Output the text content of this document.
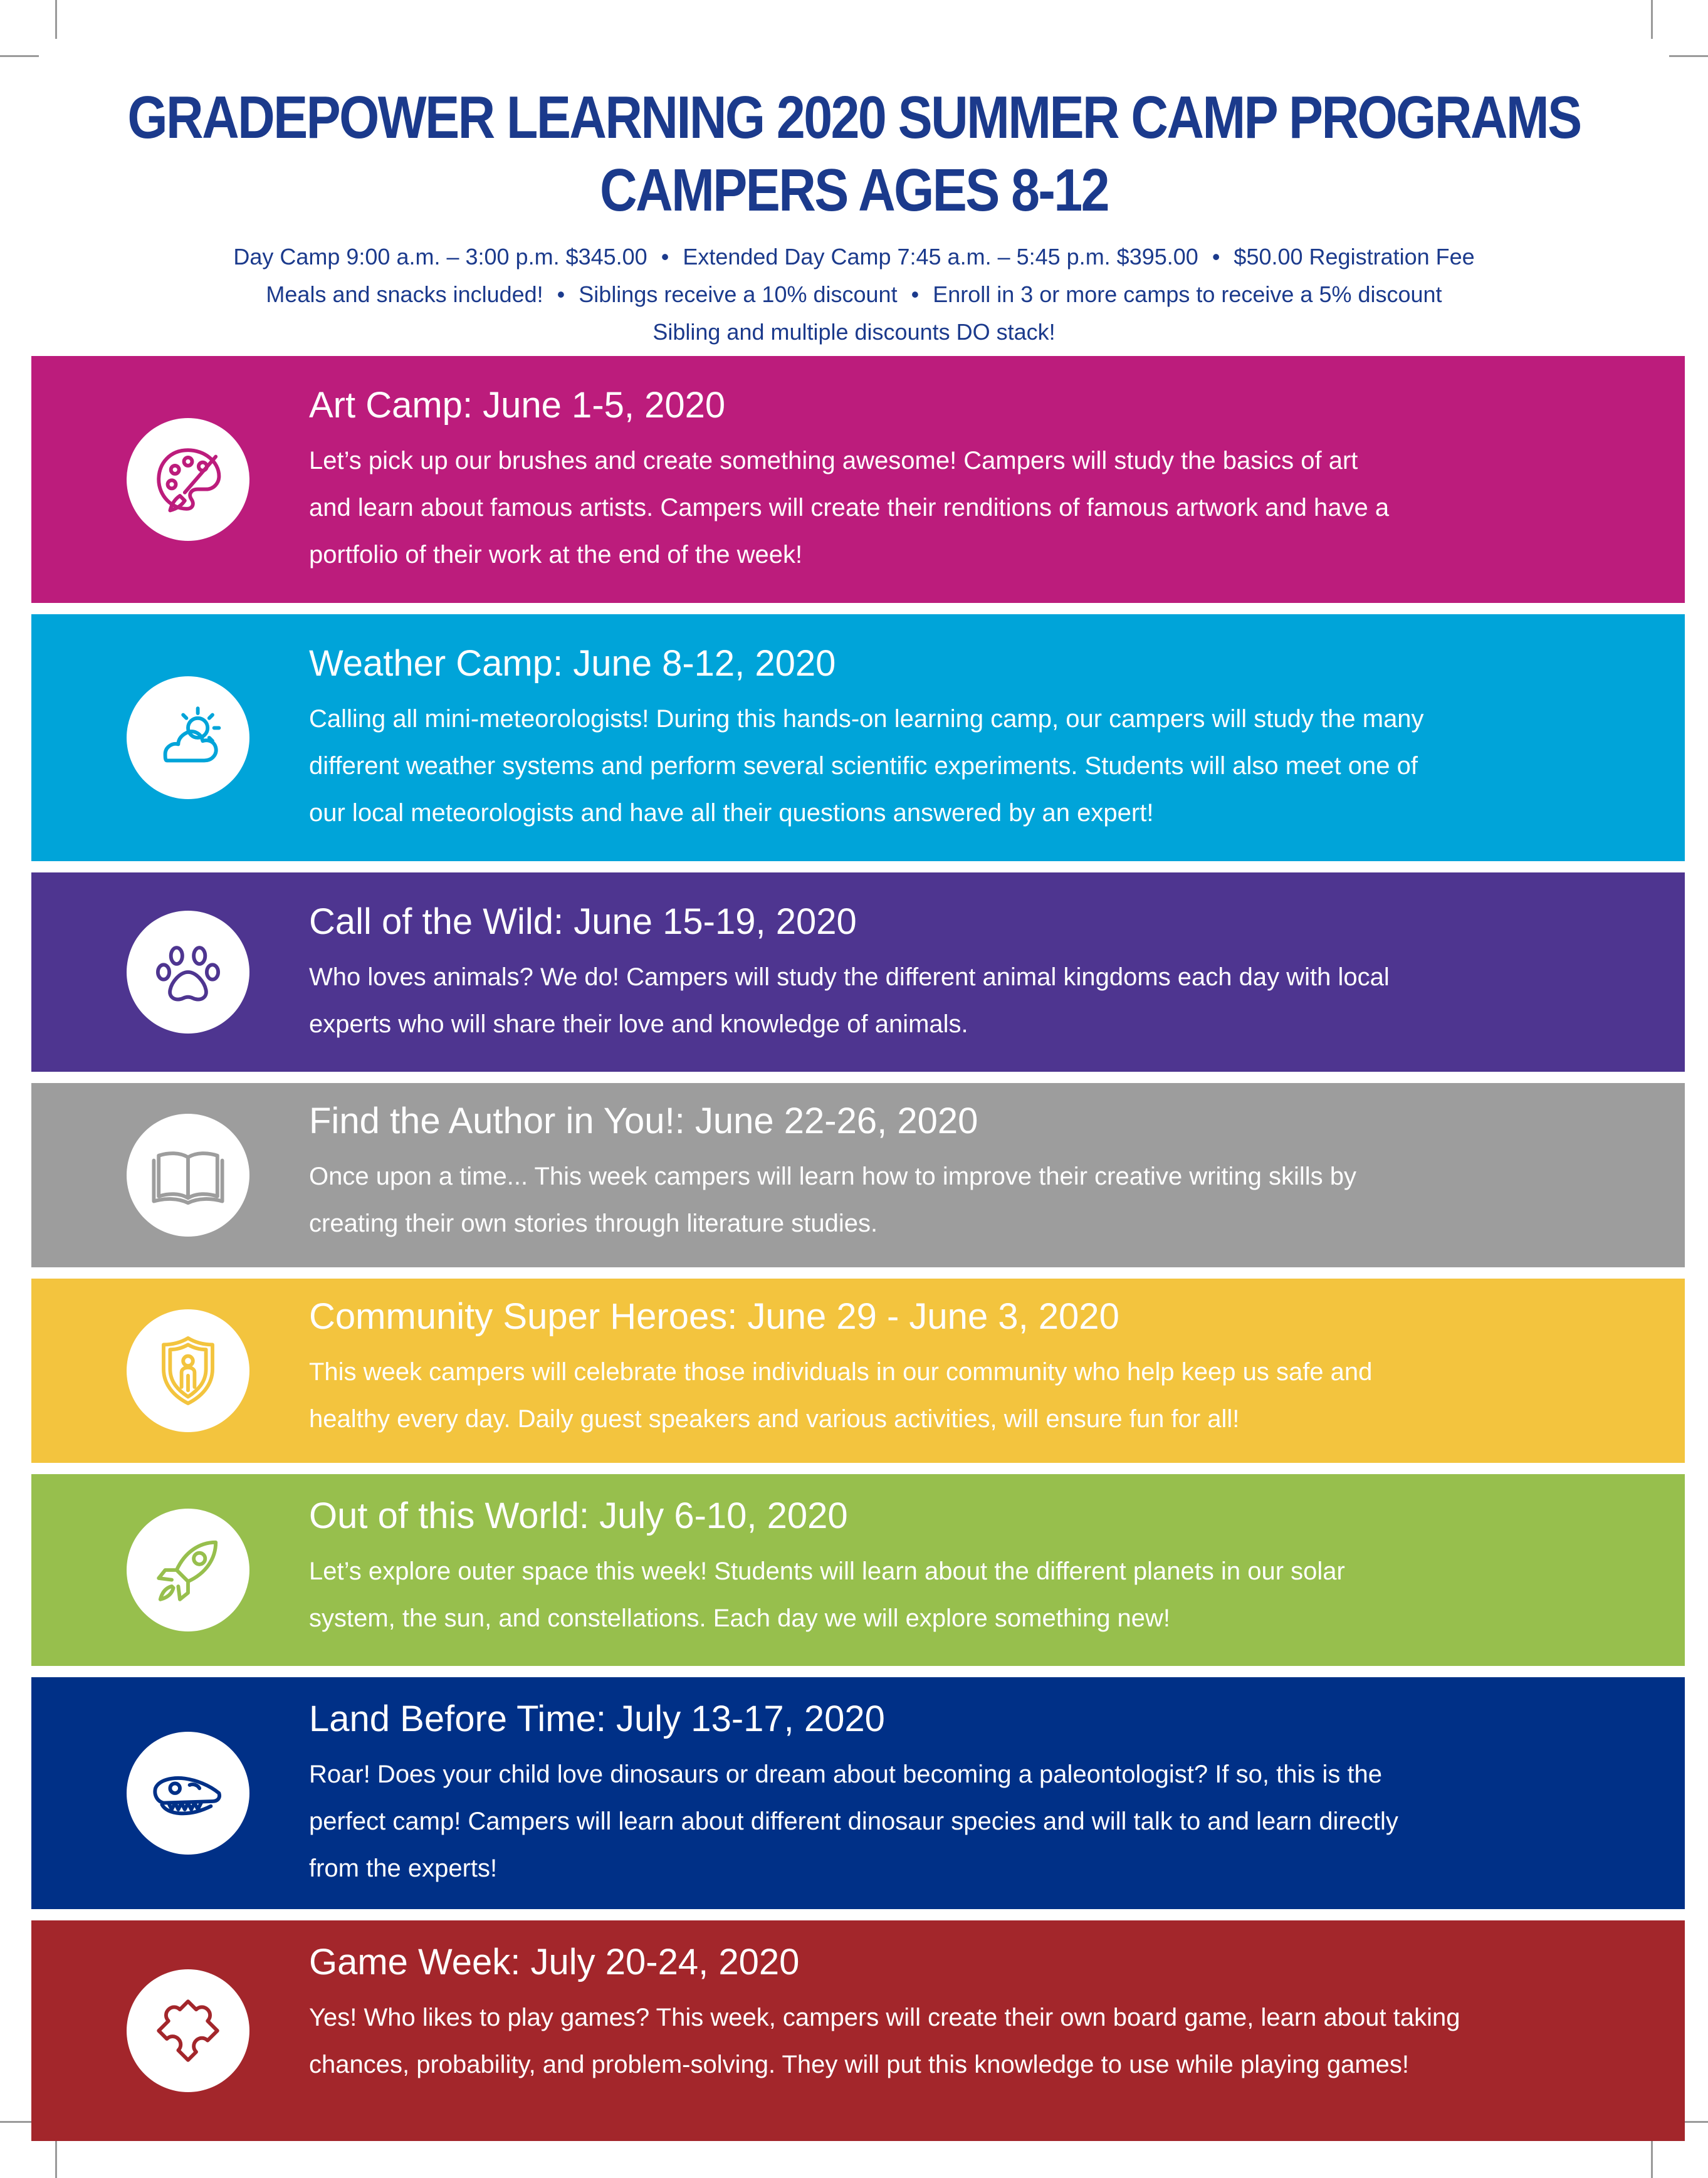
GRADEPOWER LEARNING 2020 SUMMER CAMP PROGRAMS

CAMPERS AGES 8-12

Day Camp 9:00 a.m. – 3:00 p.m. $345.00 • Extended Day Camp 7:45 a.m. – 5:45 p.m. $395.00 • $50.00 Registration Fee

Meals and snacks included! • Siblings receive a 10% discount • Enroll in 3 or more camps to receive a 5% discount

Sibling and multiple discounts DO stack!

Art Camp: June 1-5, 2020

Let’s pick up our brushes and create something awesome! Campers will study the basics of art

and learn about famous artists. Campers will create their renditions of famous artwork and have a

portfolio of their work at the end of the week!

Weather Camp: June 8-12, 2020

Calling all mini-meteorologists! During this hands-on learning camp, our campers will study the many

different weather systems and perform several scientific experiments. Students will also meet one of

our local meteorologists and have all their questions answered by an expert!

Call of the Wild: June 15-19, 2020

Who loves animals? We do! Campers will study the different animal kingdoms each day with local

experts who will share their love and knowledge of animals.

Find the Author in You!: June 22-26, 2020

Once upon a time... This week campers will learn how to improve their creative writing skills by

creating their own stories through literature studies.

Community Super Heroes: June 29 - June 3, 2020

This week campers will celebrate those individuals in our community who help keep us safe and

healthy every day. Daily guest speakers and various activities, will ensure fun for all!

Out of this World: July 6-10, 2020

Let’s explore outer space this week! Students will learn about the different planets in our solar

system, the sun, and constellations. Each day we will explore something new!

Land Before Time: July 13-17, 2020

Roar! Does your child love dinosaurs or dream about becoming a paleontologist? If so, this is the

perfect camp! Campers will learn about different dinosaur species and will talk to and learn directly

from the experts!

Game Week: July 20-24, 2020

Yes! Who likes to play games? This week, campers will create their own board game, learn about taking

chances, probability, and problem-solving. They will put this knowledge to use while playing games!
